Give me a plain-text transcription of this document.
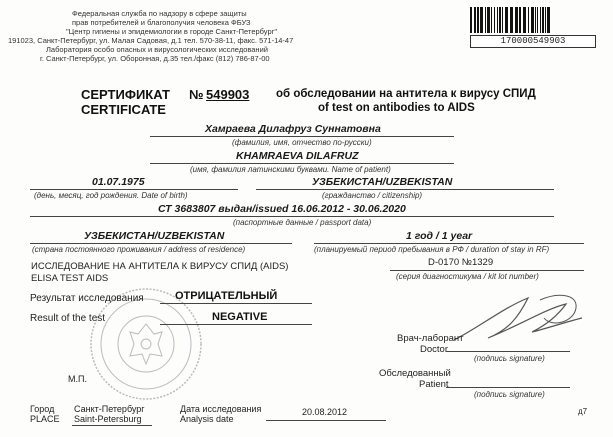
Федеральная служба по надзору в сфере защиты
прав потребителей и благополучия человека ФБУЗ
"Центр гигиены и эпидемиологии в городе Санкт-Петербург"
191023, Санкт-Петербург, ул. Малая Садовая, д.1 тел. 570-38-11, факс. 571-14-47
Лаборатория особо опасных и вирусологических исследований
г. Санкт-Петербург, ул. Оборонная, д.35 тел./факс (812) 786-87-00
170000549903
СЕРТИФИКАТ
CERTIFICATE
№ 549903 об обследовании на антитела к вирусу СПИД
of test on antibodies to AIDS
Хамраева Дилафруз Суннатовна
(фамилия, имя, отчество по-русски)
KHAMRAEVA DILAFRUZ
(имя, фамилия латинскими буквами. Name of patient)
01.07.1975
(день, месяц, год рождения. Date of birth)
УЗБЕКИСТАН/UZBEKISTAN
(гражданство / citizenship)
СТ 3683807 выдан/issued 16.06.2012 - 30.06.2020
(паспортные данные / passport data)
УЗБЕКИСТАН/UZBEKISTAN
(страна постоянного проживания / address of residence)
1 год / 1 year
(планируемый период пребывания в РФ / duration of stay in RF)
ИССЛЕДОВАНИЕ НА АНТИТЕЛА К ВИРУСУ СПИД (AIDS)
ELISA TEST AIDS
D-0170 №1329
(серия диагностикума / kit lot number)
Результат исследования	ОТРИЦАТЕЛЬНЫЙ
Result of the test	NEGATIVE
Врач-лаборант
Doctor
(подпись signature)
Обследованный
Patient
(подпись signature)
М.П.
Город
PLACE
Санкт-Петербург
Saint-Petersburg
Дата исследования
Analysis date
20.08.2012	д7
